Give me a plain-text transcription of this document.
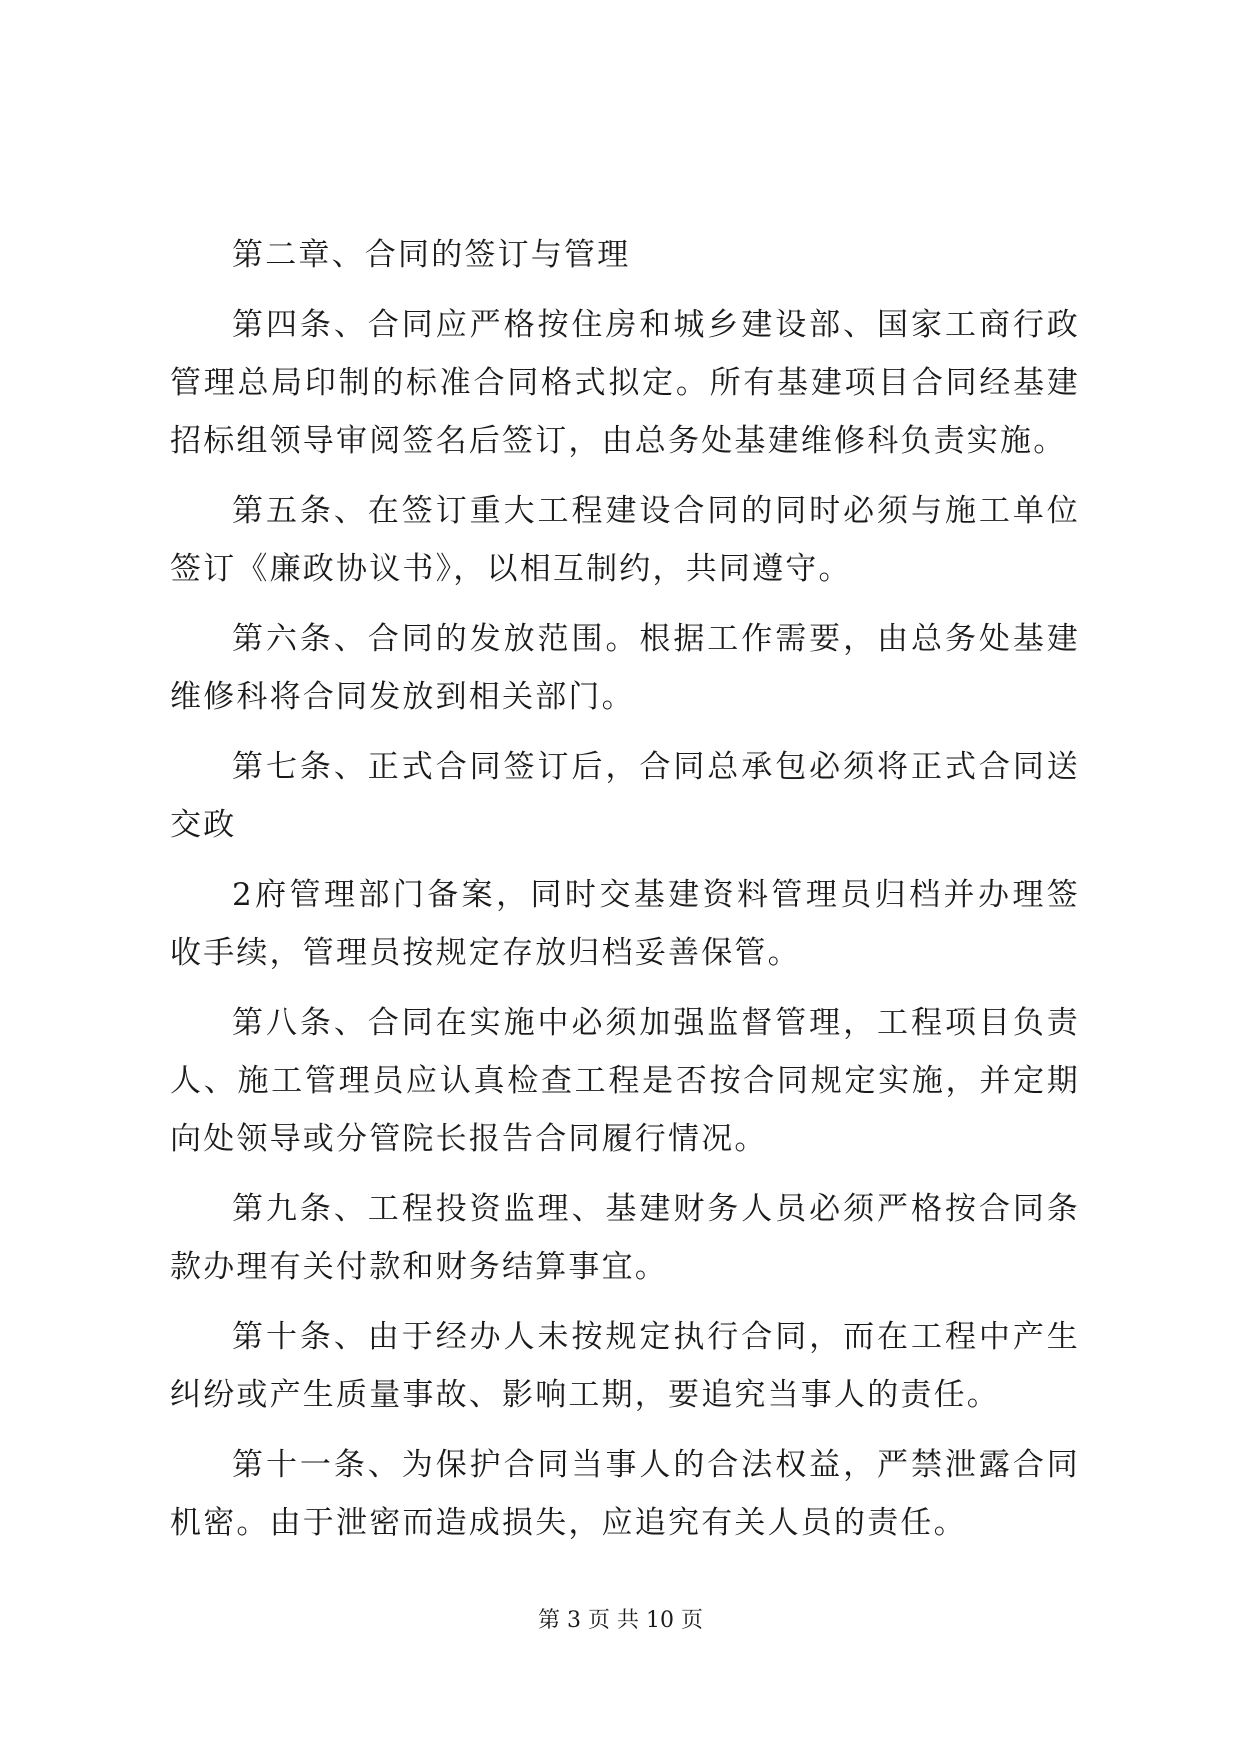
第二章、合同的签订与管理

第四条、合同应严格按住房和城乡建设部、国家工商行政管理总局印制的标准合同格式拟定。所有基建项目合同经基建招标组领导审阅签名后签订，由总务处基建维修科负责实施。

第五条、在签订重大工程建设合同的同时必须与施工单位签订《廉政协议书》，以相互制约，共同遵守。

第六条、合同的发放范围。根据工作需要，由总务处基建维修科将合同发放到相关部门。

第七条、正式合同签订后，合同总承包必须将正式合同送交政

2府管理部门备案，同时交基建资料管理员归档并办理签收手续，管理员按规定存放归档妥善保管。

第八条、合同在实施中必须加强监督管理，工程项目负责人、施工管理员应认真检查工程是否按合同规定实施，并定期向处领导或分管院长报告合同履行情况。

第九条、工程投资监理、基建财务人员必须严格按合同条款办理有关付款和财务结算事宜。

第十条、由于经办人未按规定执行合同，而在工程中产生纠纷或产生质量事故、影响工期，要追究当事人的责任。

第十一条、为保护合同当事人的合法权益，严禁泄露合同机密。由于泄密而造成损失，应追究有关人员的责任。

第 3 页 共 10 页
